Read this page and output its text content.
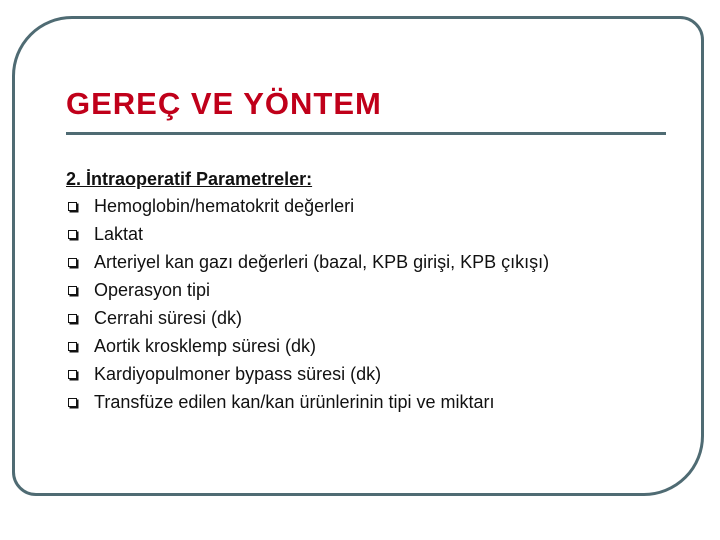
GEREÇ VE YÖNTEM
2. İntraoperatif Parametreler:
Hemoglobin/hematokrit değerleri
Laktat
Arteriyel kan gazı değerleri (bazal, KPB girişi, KPB çıkışı)
Operasyon tipi
Cerrahi süresi (dk)
Aortik krosklemp süresi (dk)
Kardiyopulmoner bypass süresi (dk)
Transfüze edilen kan/kan ürünlerinin tipi ve miktarı
